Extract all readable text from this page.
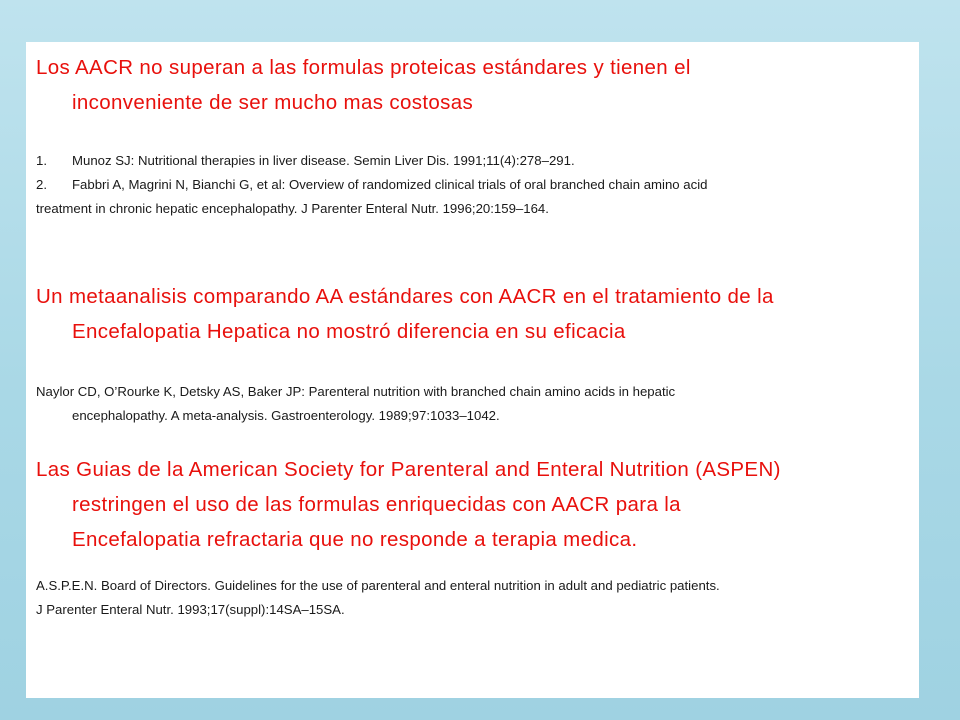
Los AACR no superan a las formulas proteicas estándares y tienen el
inconveniente de ser mucho mas costosas

1. Munoz SJ: Nutritional therapies in liver disease. Semin Liver Dis. 1991;11(4):278–291.
2. Fabbri A, Magrini N, Bianchi G, et al: Overview of randomized clinical trials of oral branched chain amino acid
treatment in chronic hepatic encephalopathy. J Parenter Enteral Nutr. 1996;20:159–164.

Un metaanalisis comparando AA estándares con AACR en el tratamiento de la
Encefalopatia Hepatica no mostró diferencia en su eficacia

Naylor CD, O’Rourke K, Detsky AS, Baker JP: Parenteral nutrition with branched chain amino acids in hepatic
encephalopathy. A meta-analysis. Gastroenterology. 1989;97:1033–1042.

Las Guias de la American Society for Parenteral and Enteral Nutrition (ASPEN)
restringen el uso de las formulas enriquecidas con AACR para la
Encefalopatia refractaria que no responde a terapia medica.

A.S.P.E.N. Board of Directors. Guidelines for the use of parenteral and enteral nutrition in adult and pediatric patients.
J Parenter Enteral Nutr. 1993;17(suppl):14SA–15SA.
